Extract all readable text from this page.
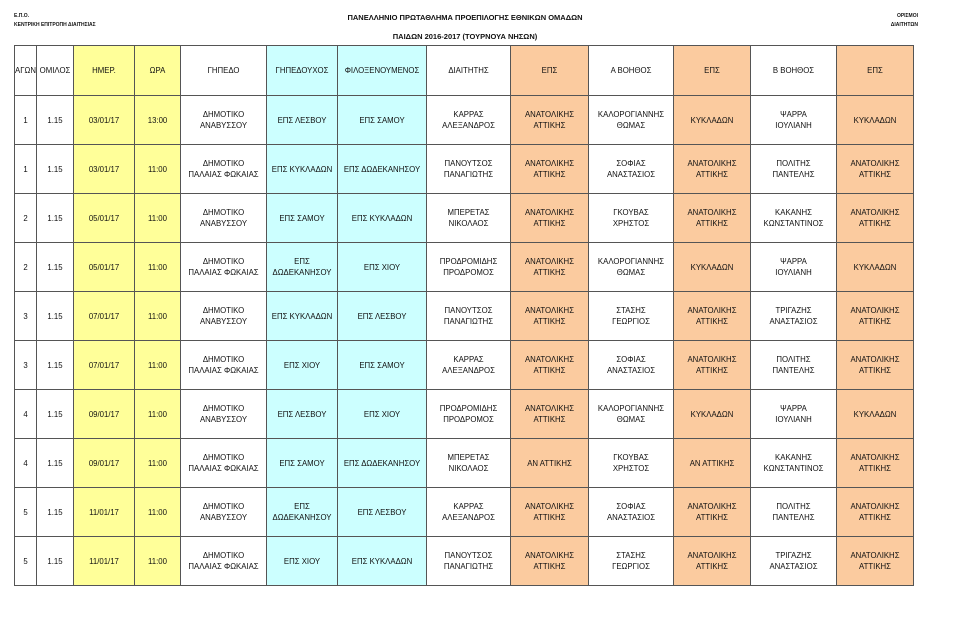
Ε.Π.Ο.
ΚΕΝΤΡΙΚΗ ΕΠΙΤΡΟΠΗ ΔΙΑΙΤΗΣΙΑΣ
ΟΡΙΣΜΟΙ
ΔΙΑΙΤΗΤΩΝ
ΠΑΝΕΛΛΗΝΙΟ ΠΡΩΤΑΘΛΗΜΑ ΠΡΟΕΠΙΛΟΓΗΣ ΕΘΝΙΚΩΝ ΟΜΑΔΩΝ
ΠΑΙΔΩΝ 2016-2017 (ΤΟΥΡΝΟΥΑ ΝΗΣΩΝ)
ΑΓΩΝ	ΟΜΙΛΟΣ	ΗΜΕΡ.	ΩΡΑ	ΓΗΠΕΔΟ	ΓΗΠΕΔΟΥΧΟΣ	ΦΙΛΟΞΕΝΟΥΜΕΝΟΣ	ΔΙΑΙΤΗΤΗΣ	ΕΠΣ	Α ΒΟΗΘΟΣ	ΕΠΣ	Β ΒΟΗΘΟΣ	ΕΠΣ
1	1.15	03/01/17	13:00	ΔΗΜΟΤΙΚΟ
ΑΝΑΒΥΣΣΟΥ	ΕΠΣ ΛΕΣΒΟΥ	ΕΠΣ ΣΑΜΟΥ	ΚΑΡΡΑΣ
ΑΛΕΞΑΝΔΡΟΣ	ΑΝΑΤΟΛΙΚΗΣ
ΑΤΤΙΚΗΣ	ΚΑΛΟΡΟΓΙΑΝΝΗΣ
ΘΩΜΑΣ	ΚΥΚΛΑΔΩΝ	ΨΑΡΡΑ
ΙΟΥΛΙΑΝΗ	ΚΥΚΛΑΔΩΝ
1	1.15	03/01/17	11:00	ΔΗΜΟΤΙΚΟ
ΠΑΛΑΙΑΣ ΦΩΚΑΙΑΣ	ΕΠΣ ΚΥΚΛΑΔΩΝ	ΕΠΣ ΔΩΔΕΚΑΝΗΣΟΥ	ΠΑΝΟΥΤΣΟΣ
ΠΑΝΑΓΙΩΤΗΣ	ΑΝΑΤΟΛΙΚΗΣ
ΑΤΤΙΚΗΣ	ΣΟΦΙΑΣ
ΑΝΑΣΤΑΣΙΟΣ	ΑΝΑΤΟΛΙΚΗΣ
ΑΤΤΙΚΗΣ	ΠΟΛΙΤΗΣ
ΠΑΝΤΕΛΗΣ	ΑΝΑΤΟΛΙΚΗΣ
ΑΤΤΙΚΗΣ
2	1.15	05/01/17	11:00	ΔΗΜΟΤΙΚΟ
ΑΝΑΒΥΣΣΟΥ	ΕΠΣ ΣΑΜΟΥ	ΕΠΣ ΚΥΚΛΑΔΩΝ	ΜΠΕΡΕΤΑΣ
ΝΙΚΟΛΑΟΣ	ΑΝΑΤΟΛΙΚΗΣ
ΑΤΤΙΚΗΣ	ΓΚΟΥΒΑΣ
ΧΡΗΣΤΟΣ	ΑΝΑΤΟΛΙΚΗΣ
ΑΤΤΙΚΗΣ	ΚΑΚΑΝΗΣ
ΚΩΝΣΤΑΝΤΙΝΟΣ	ΑΝΑΤΟΛΙΚΗΣ
ΑΤΤΙΚΗΣ
2	1.15	05/01/17	11:00	ΔΗΜΟΤΙΚΟ
ΠΑΛΑΙΑΣ ΦΩΚΑΙΑΣ	ΕΠΣ
ΔΩΔΕΚΑΝΗΣΟΥ	ΕΠΣ ΧΙΟΥ	ΠΡΟΔΡΟΜΙΔΗΣ
ΠΡΟΔΡΟΜΟΣ	ΑΝΑΤΟΛΙΚΗΣ
ΑΤΤΙΚΗΣ	ΚΑΛΟΡΟΓΙΑΝΝΗΣ
ΘΩΜΑΣ	ΚΥΚΛΑΔΩΝ	ΨΑΡΡΑ
ΙΟΥΛΙΑΝΗ	ΚΥΚΛΑΔΩΝ
3	1.15	07/01/17	11:00	ΔΗΜΟΤΙΚΟ
ΑΝΑΒΥΣΣΟΥ	ΕΠΣ ΚΥΚΛΑΔΩΝ	ΕΠΣ ΛΕΣΒΟΥ	ΠΑΝΟΥΤΣΟΣ
ΠΑΝΑΓΙΩΤΗΣ	ΑΝΑΤΟΛΙΚΗΣ
ΑΤΤΙΚΗΣ	ΣΤΑΣΗΣ
ΓΕΩΡΓΙΟΣ	ΑΝΑΤΟΛΙΚΗΣ
ΑΤΤΙΚΗΣ	ΤΡΙΓΑΖΗΣ
ΑΝΑΣΤΑΣΙΟΣ	ΑΝΑΤΟΛΙΚΗΣ
ΑΤΤΙΚΗΣ
3	1.15	07/01/17	11:00	ΔΗΜΟΤΙΚΟ
ΠΑΛΑΙΑΣ ΦΩΚΑΙΑΣ	ΕΠΣ ΧΙΟΥ	ΕΠΣ ΣΑΜΟΥ	ΚΑΡΡΑΣ
ΑΛΕΞΑΝΔΡΟΣ	ΑΝΑΤΟΛΙΚΗΣ
ΑΤΤΙΚΗΣ	ΣΟΦΙΑΣ
ΑΝΑΣΤΑΣΙΟΣ	ΑΝΑΤΟΛΙΚΗΣ
ΑΤΤΙΚΗΣ	ΠΟΛΙΤΗΣ
ΠΑΝΤΕΛΗΣ	ΑΝΑΤΟΛΙΚΗΣ
ΑΤΤΙΚΗΣ
4	1.15	09/01/17	11:00	ΔΗΜΟΤΙΚΟ
ΑΝΑΒΥΣΣΟΥ	ΕΠΣ ΛΕΣΒΟΥ	ΕΠΣ ΧΙΟΥ	ΠΡΟΔΡΟΜΙΔΗΣ
ΠΡΟΔΡΟΜΟΣ	ΑΝΑΤΟΛΙΚΗΣ
ΑΤΤΙΚΗΣ	ΚΑΛΟΡΟΓΙΑΝΝΗΣ
ΘΩΜΑΣ	ΚΥΚΛΑΔΩΝ	ΨΑΡΡΑ
ΙΟΥΛΙΑΝΗ	ΚΥΚΛΑΔΩΝ
4	1.15	09/01/17	11:00	ΔΗΜΟΤΙΚΟ
ΠΑΛΑΙΑΣ ΦΩΚΑΙΑΣ	ΕΠΣ ΣΑΜΟΥ	ΕΠΣ ΔΩΔΕΚΑΝΗΣΟΥ	ΜΠΕΡΕΤΑΣ
ΝΙΚΟΛΑΟΣ	ΑΝ ΑΤΤΙΚΗΣ	ΓΚΟΥΒΑΣ
ΧΡΗΣΤΟΣ	ΑΝ ΑΤΤΙΚΗΣ	ΚΑΚΑΝΗΣ
ΚΩΝΣΤΑΝΤΙΝΟΣ	ΑΝΑΤΟΛΙΚΗΣ
ΑΤΤΙΚΗΣ
5	1.15	11/01/17	11:00	ΔΗΜΟΤΙΚΟ
ΑΝΑΒΥΣΣΟΥ	ΕΠΣ
ΔΩΔΕΚΑΝΗΣΟΥ	ΕΠΣ ΛΕΣΒΟΥ	ΚΑΡΡΑΣ
ΑΛΕΞΑΝΔΡΟΣ	ΑΝΑΤΟΛΙΚΗΣ
ΑΤΤΙΚΗΣ	ΣΟΦΙΑΣ
ΑΝΑΣΤΑΣΙΟΣ	ΑΝΑΤΟΛΙΚΗΣ
ΑΤΤΙΚΗΣ	ΠΟΛΙΤΗΣ
ΠΑΝΤΕΛΗΣ	ΑΝΑΤΟΛΙΚΗΣ
ΑΤΤΙΚΗΣ
5	1.15	11/01/17	11:00	ΔΗΜΟΤΙΚΟ
ΠΑΛΑΙΑΣ ΦΩΚΑΙΑΣ	ΕΠΣ ΧΙΟΥ	ΕΠΣ ΚΥΚΛΑΔΩΝ	ΠΑΝΟΥΤΣΟΣ
ΠΑΝΑΓΙΩΤΗΣ	ΑΝΑΤΟΛΙΚΗΣ
ΑΤΤΙΚΗΣ	ΣΤΑΣΗΣ
ΓΕΩΡΓΙΟΣ	ΑΝΑΤΟΛΙΚΗΣ
ΑΤΤΙΚΗΣ	ΤΡΙΓΑΖΗΣ
ΑΝΑΣΤΑΣΙΟΣ	ΑΝΑΤΟΛΙΚΗΣ
ΑΤΤΙΚΗΣ
